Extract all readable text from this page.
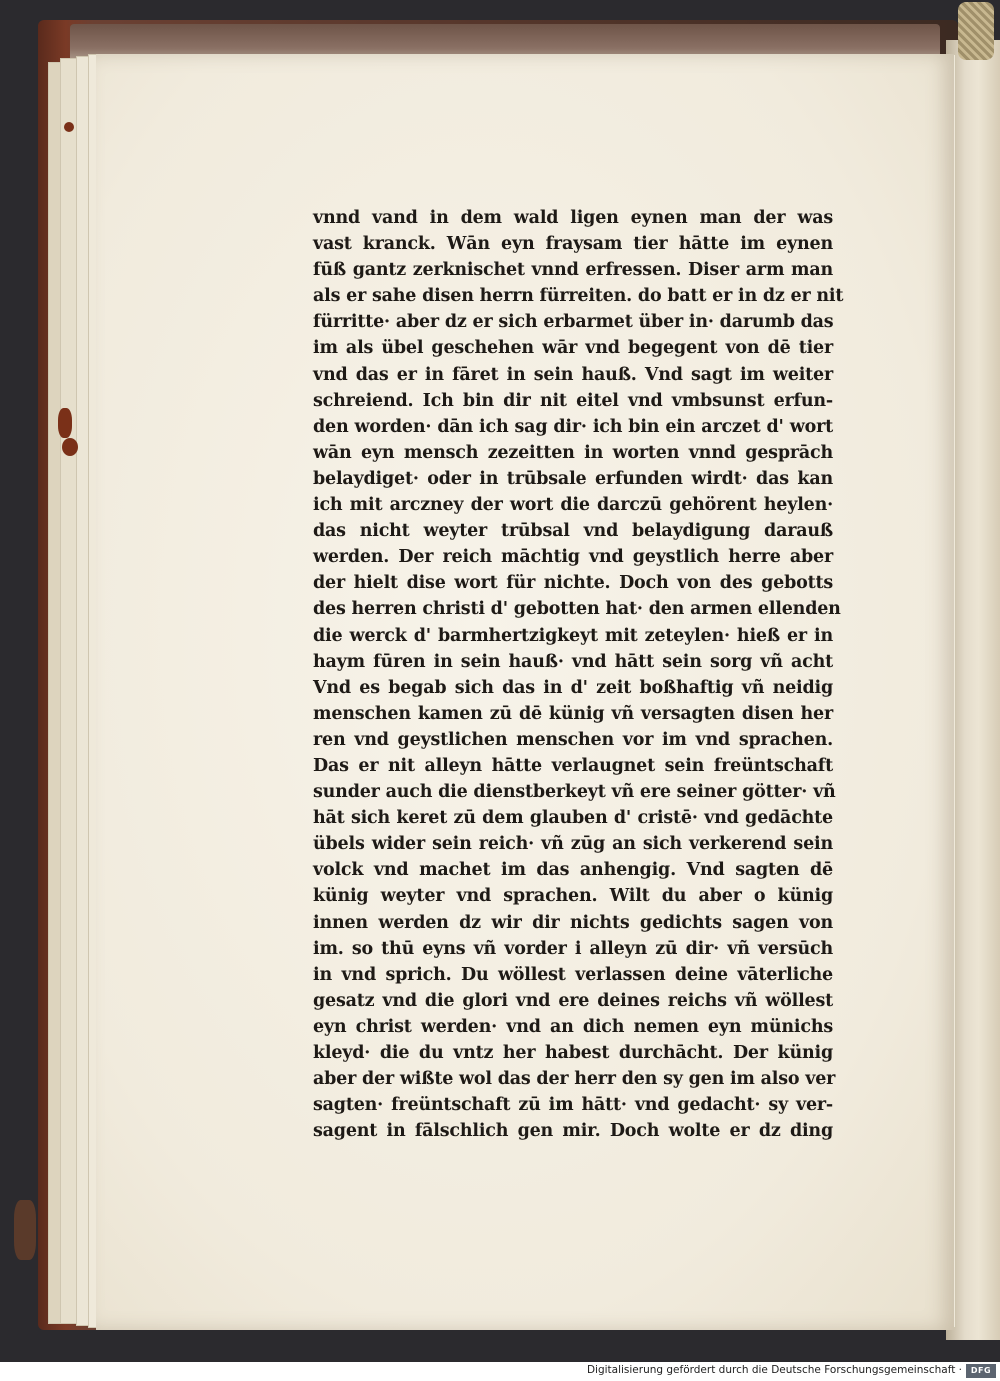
vnnd vand in dem wald ligen eynen man der was
vast kranck. Wān eyn fraysam tier hātte im eynen
fūß gantz zerknischet vnnd erfressen. Diser arm man
als er sahe disen herrn fürreiten. do batt er in dz er nit
fürritte· aber dz er sich erbarmet über in· darumb das
im als übel geschehen wār vnd begegent von dē tier
vnd das er in fāret in sein hauß. Vnd sagt im weiter
schreiend. Ich bin dir nit eitel vnd vmbsunst erfun-
den worden· dān ich sag dir· ich bin ein arczet d' wort
wān eyn mensch zezeitten in worten vnnd gesprāch
belaydiget· oder in trūbsale erfunden wirdt· das kan
ich mit arczney der wort die darczū gehörent heylen·
das nicht weyter trūbsal vnd belaydigung darauß
werden. Der reich māchtig vnd geystlich herre aber
der hielt dise wort für nichte. Doch von des gebotts
des herren christi d' gebotten hat· den armen ellenden
die werck d' barmhertzigkeyt mit zeteylen· hieß er in
haym fūren in sein hauß· vnd hātt sein sorg vñ acht
Vnd es begab sich das in d' zeit boßhaftig vñ neidig
menschen kamen zū dē künig vñ versagten disen her
ren vnd geystlichen menschen vor im vnd sprachen.
Das er nit alleyn hātte verlaugnet sein freüntschaft
sunder auch die dienstberkeyt vñ ere seiner götter· vñ
hāt sich keret zū dem glauben d' cristē· vnd gedāchte
übels wider sein reich· vñ zūg an sich verkerend sein
volck vnd machet im das anhengig. Vnd sagten dē
künig weyter vnd sprachen. Wilt du aber o künig
innen werden dz wir dir nichts gedichts sagen von
im. so thū eyns vñ vorder i alleyn zū dir· vñ versūch
in vnd sprich. Du wöllest verlassen deine vāterliche
gesatz vnd die glori vnd ere deines reichs vñ wöllest
eyn christ werden· vnd an dich nemen eyn münichs
kleyd· die du vntz her habest durchācht. Der künig
aber der wißte wol das der herr den sy gen im also ver
sagten· freüntschaft zū im hātt· vnd gedacht· sy ver-
sagent in fālschlich gen mir. Doch wolte er dz ding
Digitalisierung gefördert durch die Deutsche Forschungsgemeinschaft ·	DFG
